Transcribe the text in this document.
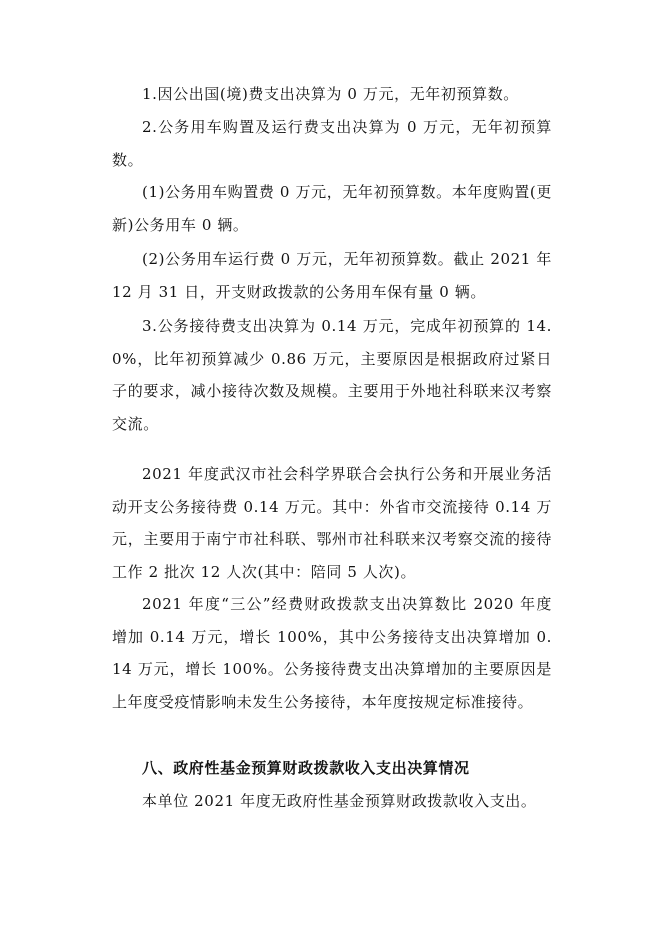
1.因公出国(境)费支出决算为 0 万元，无年初预算数。

2.公务用车购置及运行费支出决算为 0 万元，无年初预算数。

(1)公务用车购置费 0 万元，无年初预算数。本年度购置(更新)公务用车 0 辆。

(2)公务用车运行费 0 万元，无年初预算数。截止 2021 年 12 月 31 日，开支财政拨款的公务用车保有量 0 辆。

3.公务接待费支出决算为 0.14 万元，完成年初预算的 14.0%，比年初预算减少 0.86 万元，主要原因是根据政府过紧日子的要求，减小接待次数及规模。主要用于外地社科联来汉考察交流。

2021 年度武汉市社会科学界联合会执行公务和开展业务活动开支公务接待费 0.14 万元。其中：外省市交流接待 0.14 万元，主要用于南宁市社科联、鄂州市社科联来汉考察交流的接待工作 2 批次 12 人次(其中：陪同 5 人次)。

2021 年度“三公”经费财政拨款支出决算数比 2020 年度增加 0.14 万元，增长 100%，其中公务接待支出决算增加 0.14 万元，增长 100%。公务接待费支出决算增加的主要原因是上年度受疫情影响未发生公务接待，本年度按规定标准接待。

八、政府性基金预算财政拨款收入支出决算情况

本单位 2021 年度无政府性基金预算财政拨款收入支出。
